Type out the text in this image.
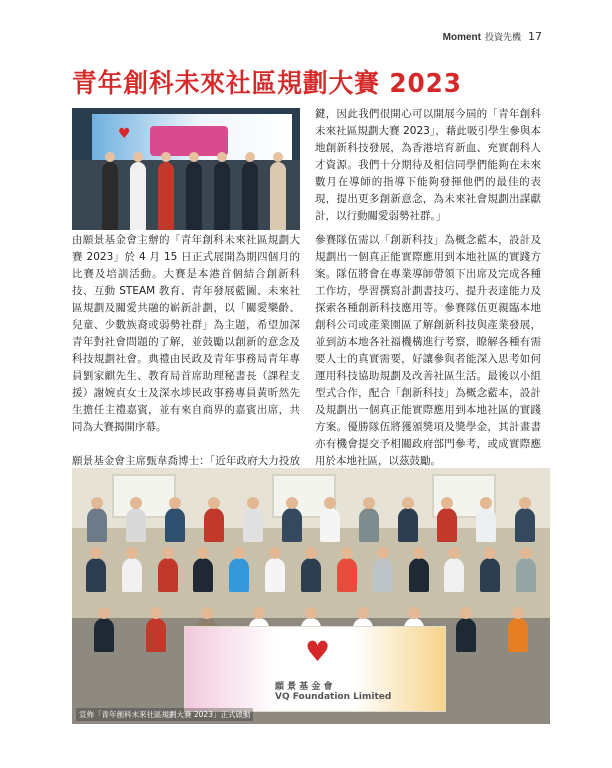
Moment 投資先機 17
青年創科未來社區規劃大賽 2023
♥

鍵，因此我們很開心可以開展今屆的「青年創科未來社區規劃大賽 2023」，藉此吸引學生參與本地創新科技發展，為香港培育新血、充實創科人才資源。我們十分期待及相信同學們能夠在未來數月在導師的指導下能夠發揮他們的最佳的表現，提出更多創新意念，為未來社會規劃出謀獻計，以行動關愛弱勢社群。」

由願景基金會主辦的「青年創科未來社區規劃大賽 2023」於 4 月 15 日正式展開為期四個月的比賽及培訓活動。大賽是本港首個結合創新科技、互動 STEAM 教育、青年發展藍圖、未來社區規劃及關愛共融的嶄新計劃，以「關愛樂齡、兒童、少數族裔或弱勢社群」為主題，希望加深青年對社會問題的了解，並鼓勵以創新的意念及科技規劃社會。典禮由民政及青年事務局青年專員劉家麒先生、教育局首席助理秘書長（課程支援）謝婉貞女士及深水埗民政事務專員黃昕然先生擔任主禮嘉賓，並有來自商界的嘉賓出席，共同為大賽揭開序幕。

願景基金會主席甄韋喬博士：「近年政府大力投放

參賽隊伍需以「創新科技」為概念藍本，設計及規劃出一個真正能實際應用到本地社區的實踐方案。隊伍將會在專業導師帶領下出席及完成各種工作坊，學習撰寫計劃書技巧、提升表達能力及探索各種創新科技應用等。參賽隊伍更親臨本地創科公司或產業園區了解創新科技與產業發展，並到訪本地各社福機構進行考察，瞭解各種有需要人士的真實需要，好讓參與者能深入思考如何運用科技協助規劃及改善社區生活。最後以小組型式合作，配合「創新科技」為概念藍本，設計及規劃出一個真正能實際應用到本地社區的實踐方案。優勝隊伍將獲頒獎項及獎學金，其計畫書亦有機會提交予相關政府部門參考，或成實際應用於本地社區，以茲鼓勵。

♥
願 景 基 金 會
VQ Foundation Limited
宣佈「青年創科未來社區規劃大賽 2023」正式啟動
